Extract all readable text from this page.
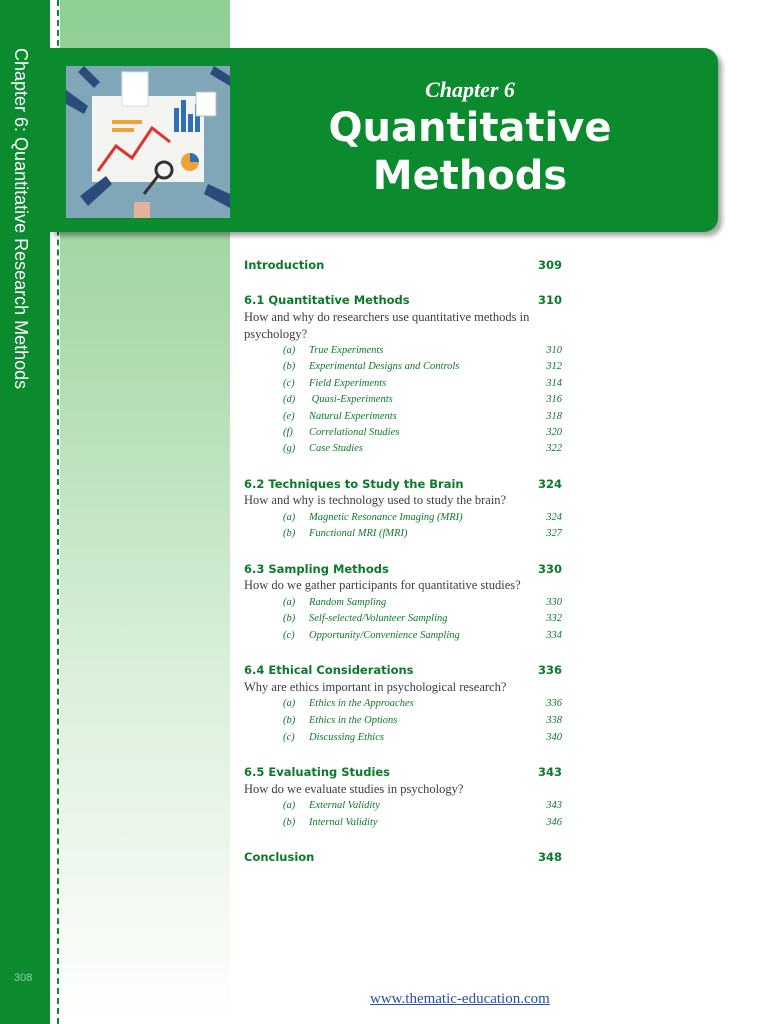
Chapter 6: Quantitative Research Methods
308
Chapter 6
Quantitative
Methods
Introduction	309
6.1 Quantitative Methods	310
How and why do researchers use quantitative methods in
psychology?
(a) True Experiments	310
(b) Experimental Designs and Controls	312
(c) Field Experiments	314
(d) Quasi-Experiments	316
(e) Natural Experiments	318
(f) Correlational Studies	320
(g) Case Studies	322
6.2 Techniques to Study the Brain	324
How and why is technology used to study the brain?
(a) Magnetic Resonance Imaging (MRI)	324
(b) Functional MRI (fMRI)	327
6.3 Sampling Methods	330
How do we gather participants for quantitative studies?
(a) Random Sampling	330
(b) Self-selected/Volunteer Sampling	332
(c) Opportunity/Convenience Sampling	334
6.4 Ethical Considerations	336
Why are ethics important in psychological research?
(a) Ethics in the Approaches	336
(b) Ethics in the Options	338
(c) Discussing Ethics	340
6.5 Evaluating Studies	343
How do we evaluate studies in psychology?
(a) External Validity	343
(b) Internal Validity	346
Conclusion	348
www.thematic-education.com
